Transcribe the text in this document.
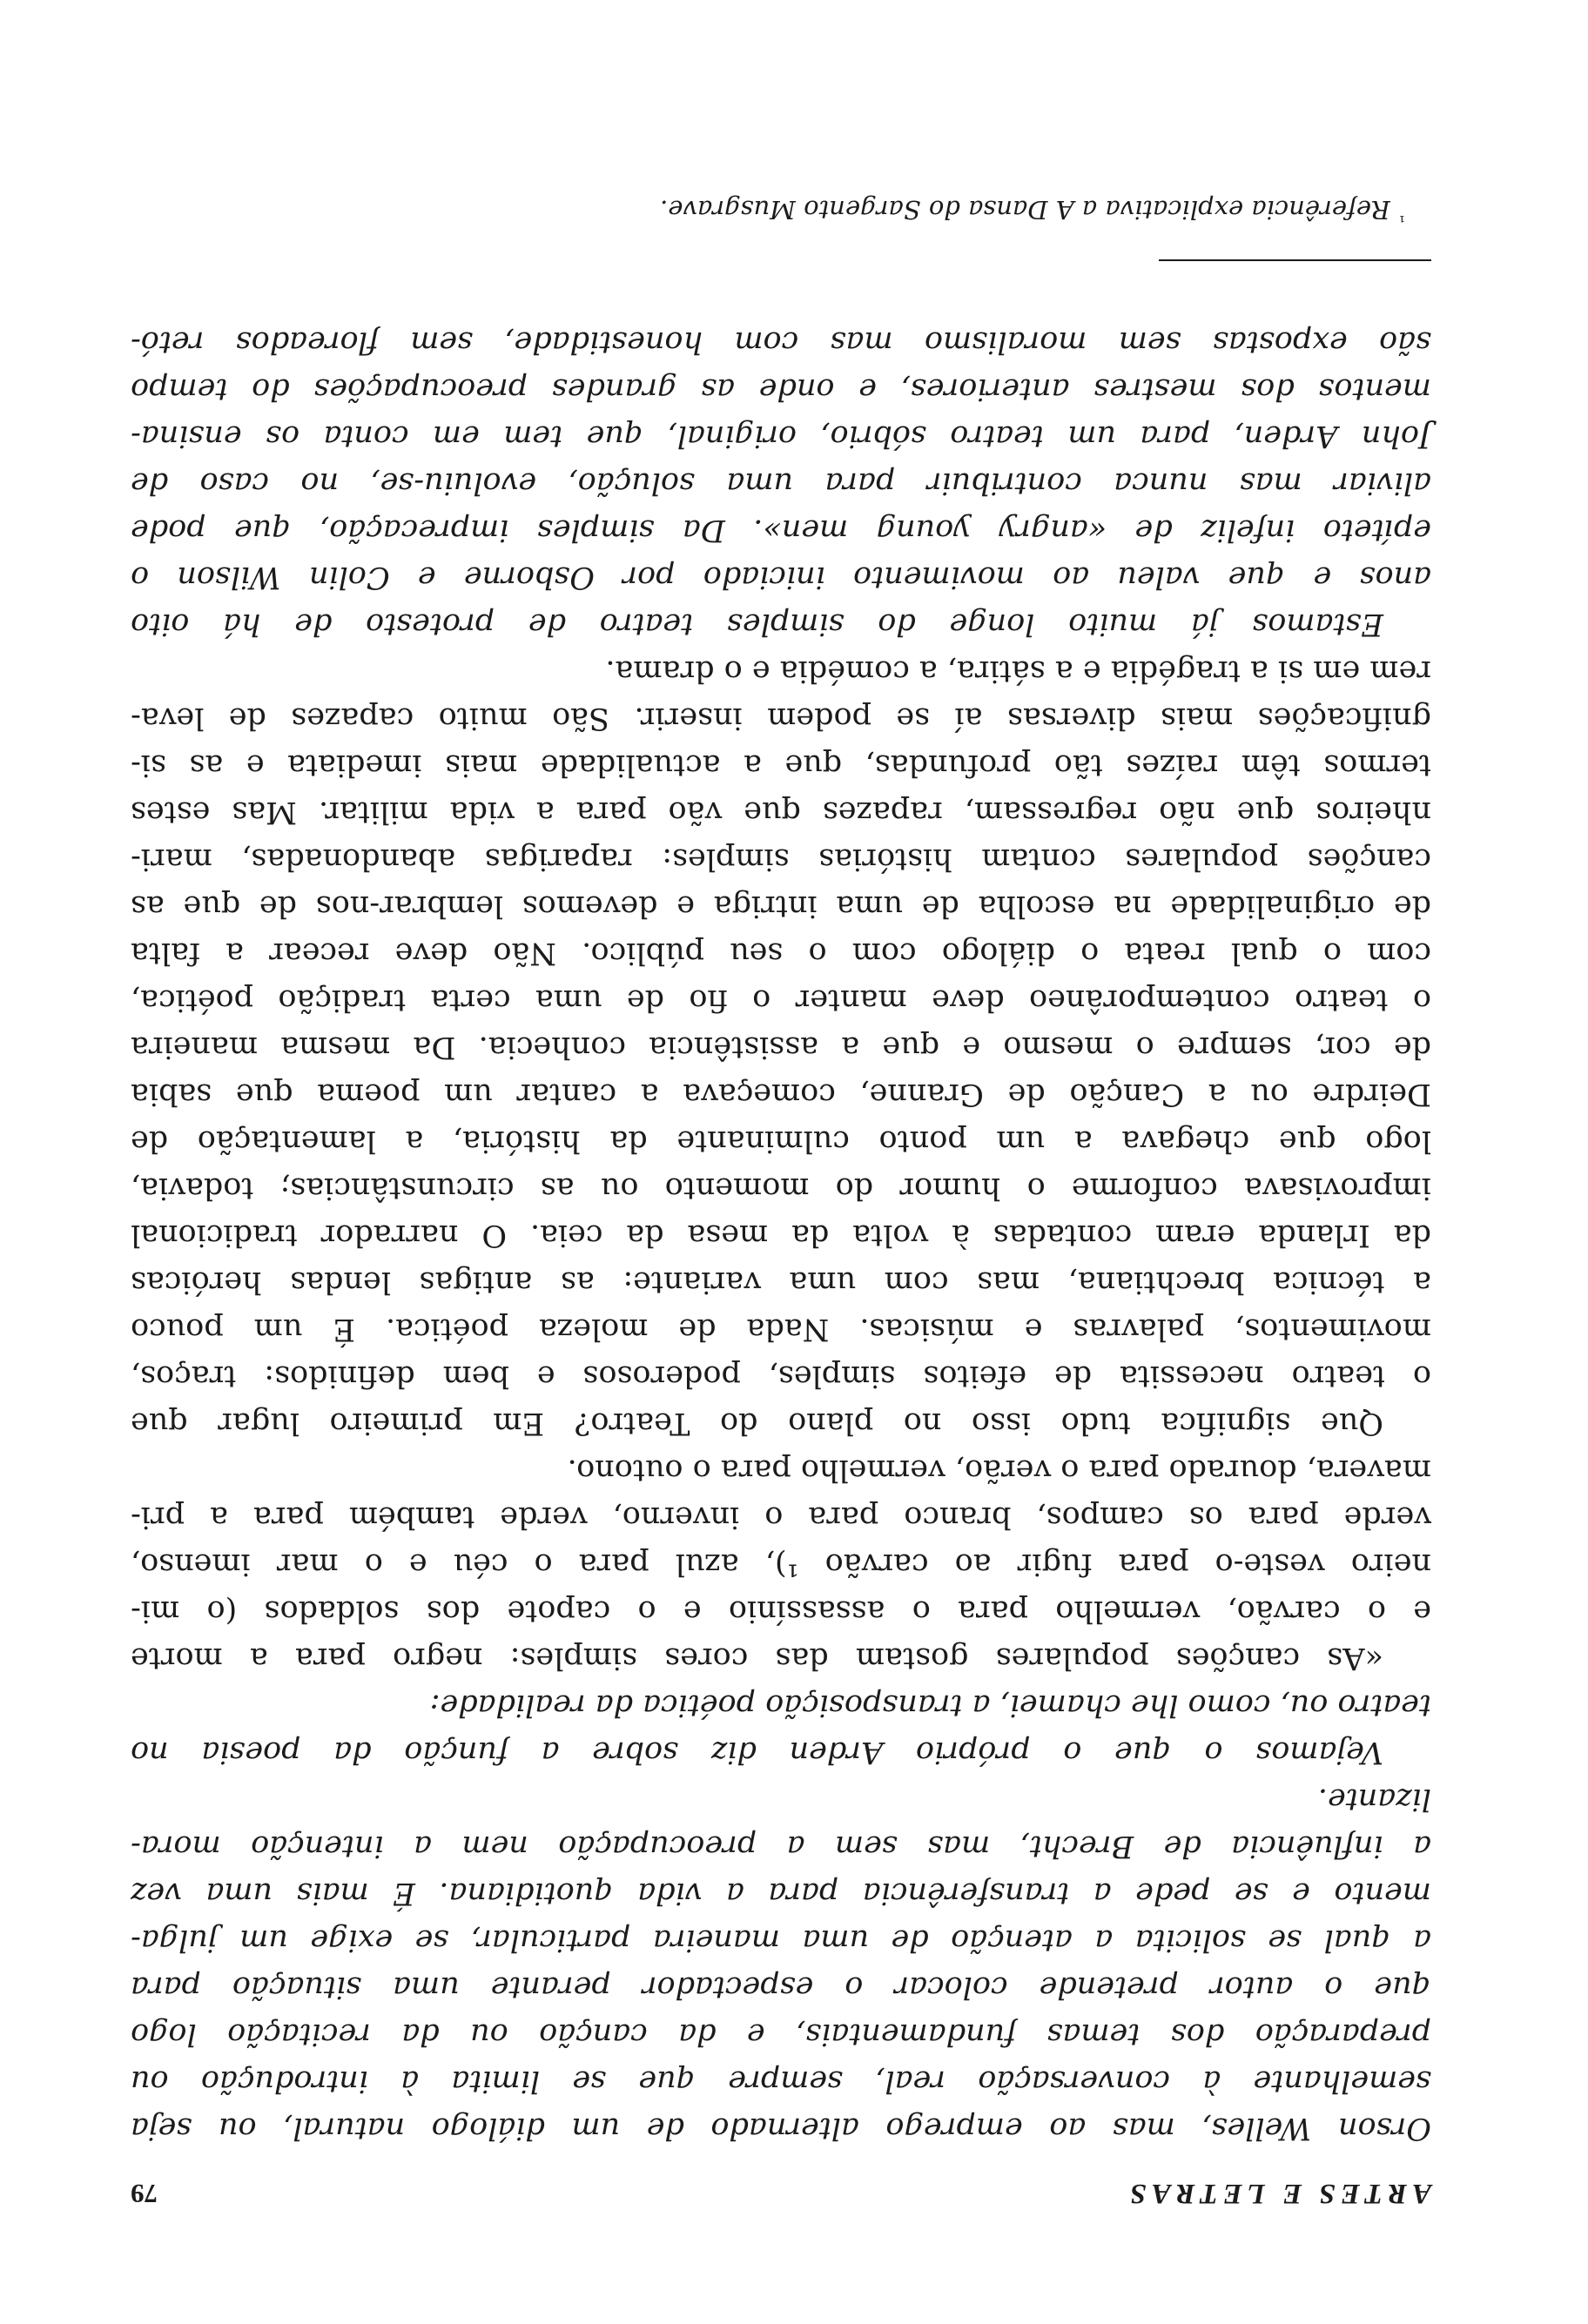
ARTES E LETRAS
79
Orson Welles, mas ao emprego alternado de um diálogo natural, ou seja
semelhante à conversação real, sempre que se limita à introdução ou
preparação dos temas fundamentais, e da canção ou da recitação logo
que o autor pretende colocar o espectador perante uma situação para
a qual se solicita a atenção de uma maneira particular, se exige um julga-
mento e se pede a transferência para a vida quotidiana. É mais uma vez
a influência de Brecht, mas sem a preocupação nem a intenção mora-
lizante.
Vejamos o que o próprio Arden diz sobre a função da poesia no
teatro ou, como lhe chamei, a transposição poética da realidade:
«As canções populares gostam das cores simples: negro para a morte
e o carvão, vermelho para o assassínio e o capote dos soldados (o mi-
neiro veste-o para fugir ao carvão ¹), azul para o céu e o mar imenso,
verde para os campos, branco para o inverno, verde também para a pri-
mavera, dourado para o verão, vermelho para o outono.
Que significa tudo isso no plano do Teatro? Em primeiro lugar que
o teatro necessita de efeitos simples, poderosos e bem definidos: traços,
movimentos, palavras e músicas. Nada de moleza poética. É um pouco
a técnica brechtiana, mas com uma variante: as antigas lendas heróicas
da Irlanda eram contadas à volta da mesa da ceia. O narrador tradicional
improvisava conforme o humor do momento ou as circunstâncias; todavia,
logo que chegava a um ponto culminante da história, a lamentação de
Deirdre ou a Canção de Granne, começava a cantar um poema que sabia
de cor, sempre o mesmo e que a assistência conhecia. Da mesma maneira
o teatro contemporâneo deve manter o fio de uma certa tradição poética,
com o qual reata o diálogo com o seu público. Não deve recear a falta
de originalidade na escolha de uma intriga e devemos lembrar-nos de que as
canções populares contam histórias simples: raparigas abandonadas, mari-
nheiros que não regressam, rapazes que vão para a vida militar. Mas estes
termos têm raízes tão profundas, que a actualidade mais imediata e as si-
gnificações mais diversas aí se podem inserir. São muito capazes de leva-
rem em si a tragédia e a sátira, a comédia e o drama.
Estamos já muito longe do simples teatro de protesto de há oito
anos e que valeu ao movimento iniciado por Osborne e Colin Wilson o
epíteto infeliz de «angry young men». Da simples imprecação, que pode
aliviar mas nunca contribuir para uma solução, evoluiu-se, no caso de
John Arden, para um teatro sóbrio, original, que tem em conta os ensina-
mentos dos mestres anteriores, e onde as grandes preocupações do tempo
são expostas sem moralismo mas com honestidade, sem floreados retó-
$^{^1}$Referência explicativa a A Dansa do Sargento Musgrave.
